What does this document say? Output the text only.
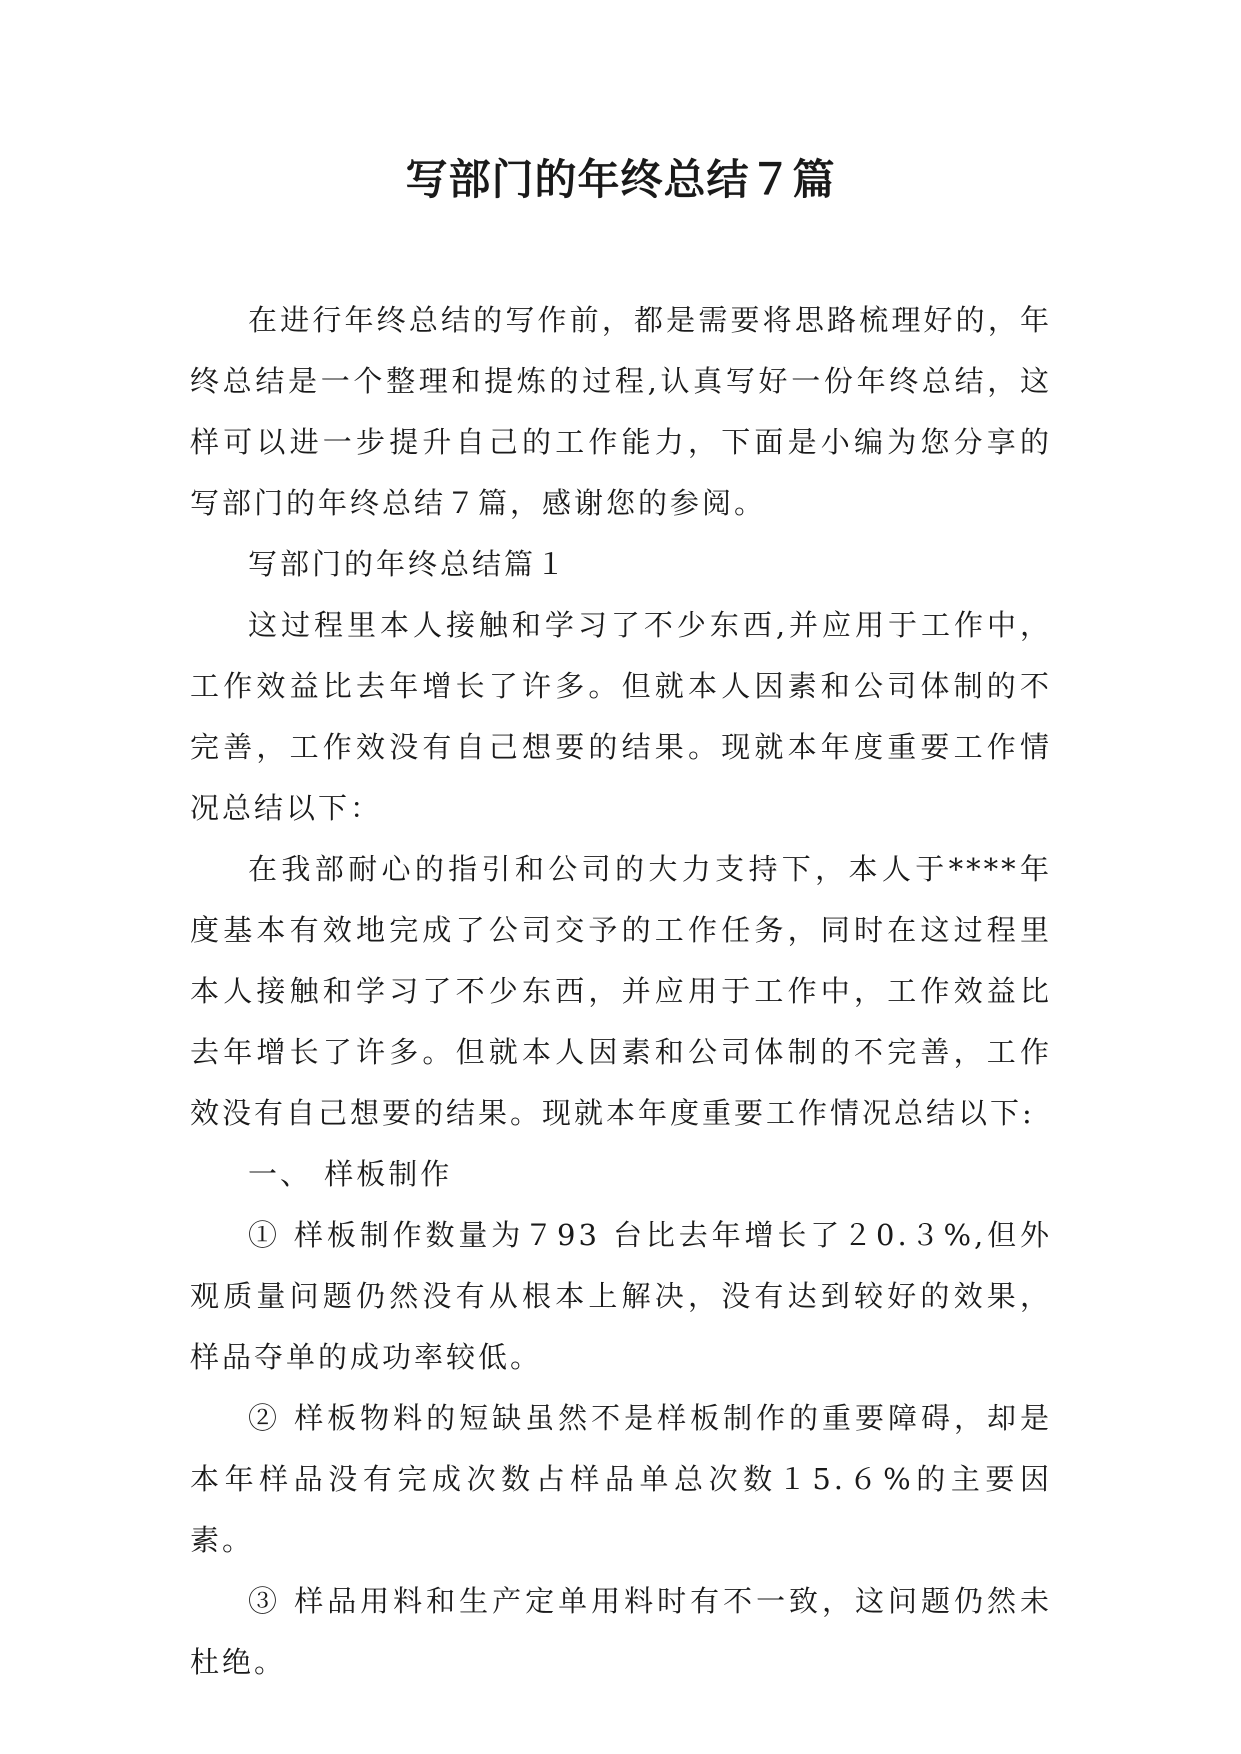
写部门的年终总结７篇

在进行年终总结的写作前，都是需要将思路梳理好的，年终总结是一个整理和提炼的过程,认真写好一份年终总结，这样可以进一步提升自己的工作能力，下面是小编为您分享的写部门的年终总结７篇，感谢您的参阅。

写部门的年终总结篇１

这过程里本人接触和学习了不少东西,并应用于工作中，工作效益比去年增长了许多。但就本人因素和公司体制的不完善，工作效没有自己想要的结果。现就本年度重要工作情况总结以下：

在我部耐心的指引和公司的大力支持下，本人于****年度基本有效地完成了公司交予的工作任务，同时在这过程里本人接触和学习了不少东西，并应用于工作中，工作效益比去年增长了许多。但就本人因素和公司体制的不完善，工作效没有自己想要的结果。现就本年度重要工作情况总结以下:

一、 样板制作

① 样板制作数量为７93 台比去年增长了２0.３%,但外观质量问题仍然没有从根本上解决，没有达到较好的效果，样品夺单的成功率较低。

② 样板物料的短缺虽然不是样板制作的重要障碍，却是本年样品没有完成次数占样品单总次数１5.６%的主要因素。

③ 样品用料和生产定单用料时有不一致，这问题仍然未杜绝。
